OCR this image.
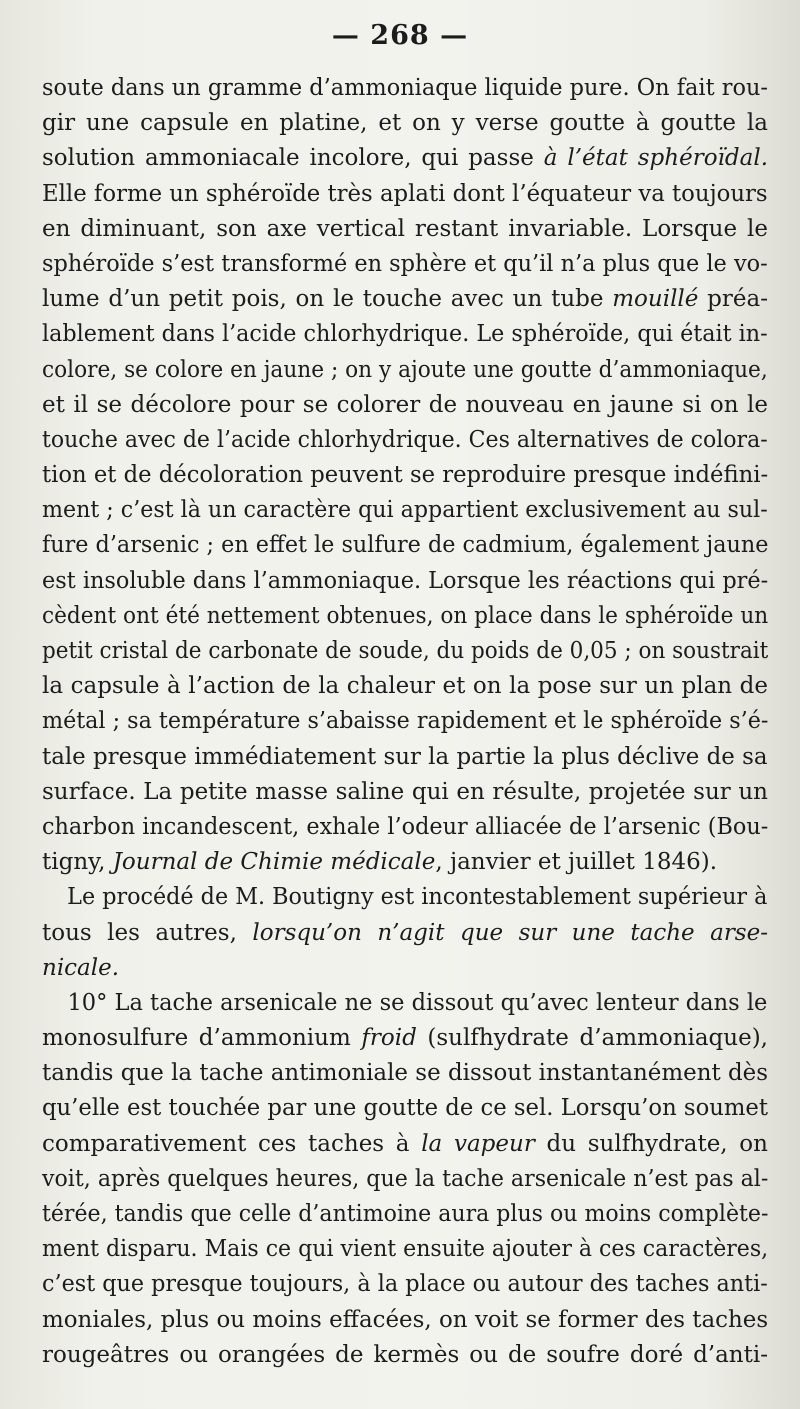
— 268 —
soute dans un gramme d’ammoniaque liquide pure. On fait rou-
gir une capsule en platine, et on y verse goutte à goutte la
solution ammoniacale incolore, qui passe à l’état sphéroïdal.
Elle forme un sphéroïde très aplati dont l’équateur va toujours
en diminuant, son axe vertical restant invariable. Lorsque le
sphéroïde s’est transformé en sphère et qu’il n’a plus que le vo-
lume d’un petit pois, on le touche avec un tube mouillé préa-
lablement dans l’acide chlorhydrique. Le sphéroïde, qui était in-
colore, se colore en jaune ; on y ajoute une goutte d’ammoniaque,
et il se décolore pour se colorer de nouveau en jaune si on le
touche avec de l’acide chlorhydrique. Ces alternatives de colora-
tion et de décoloration peuvent se reproduire presque indéfini-
ment ; c’est là un caractère qui appartient exclusivement au sul-
fure d’arsenic ; en effet le sulfure de cadmium, également jaune
est insoluble dans l’ammoniaque. Lorsque les réactions qui pré-
cèdent ont été nettement obtenues, on place dans le sphéroïde un
petit cristal de carbonate de soude, du poids de 0,05 ; on soustrait
la capsule à l’action de la chaleur et on la pose sur un plan de
métal ; sa température s’abaisse rapidement et le sphéroïde s’é-
tale presque immédiatement sur la partie la plus déclive de sa
surface. La petite masse saline qui en résulte, projetée sur un
charbon incandescent, exhale l’odeur alliacée de l’arsenic (Bou-
tigny, Journal de Chimie médicale, janvier et juillet 1846).
Le procédé de M. Boutigny est incontestablement supérieur à
tous les autres, lorsqu’on n’agit que sur une tache arse-
nicale.
10° La tache arsenicale ne se dissout qu’avec lenteur dans le
monosulfure d’ammonium froid (sulfhydrate d’ammoniaque),
tandis que la tache antimoniale se dissout instantanément dès
qu’elle est touchée par une goutte de ce sel. Lorsqu’on soumet
comparativement ces taches à la vapeur du sulfhydrate, on
voit, après quelques heures, que la tache arsenicale n’est pas al-
térée, tandis que celle d’antimoine aura plus ou moins complète-
ment disparu. Mais ce qui vient ensuite ajouter à ces caractères,
c’est que presque toujours, à la place ou autour des taches anti-
moniales, plus ou moins effacées, on voit se former des taches
rougeâtres ou orangées de kermès ou de soufre doré d’anti-
